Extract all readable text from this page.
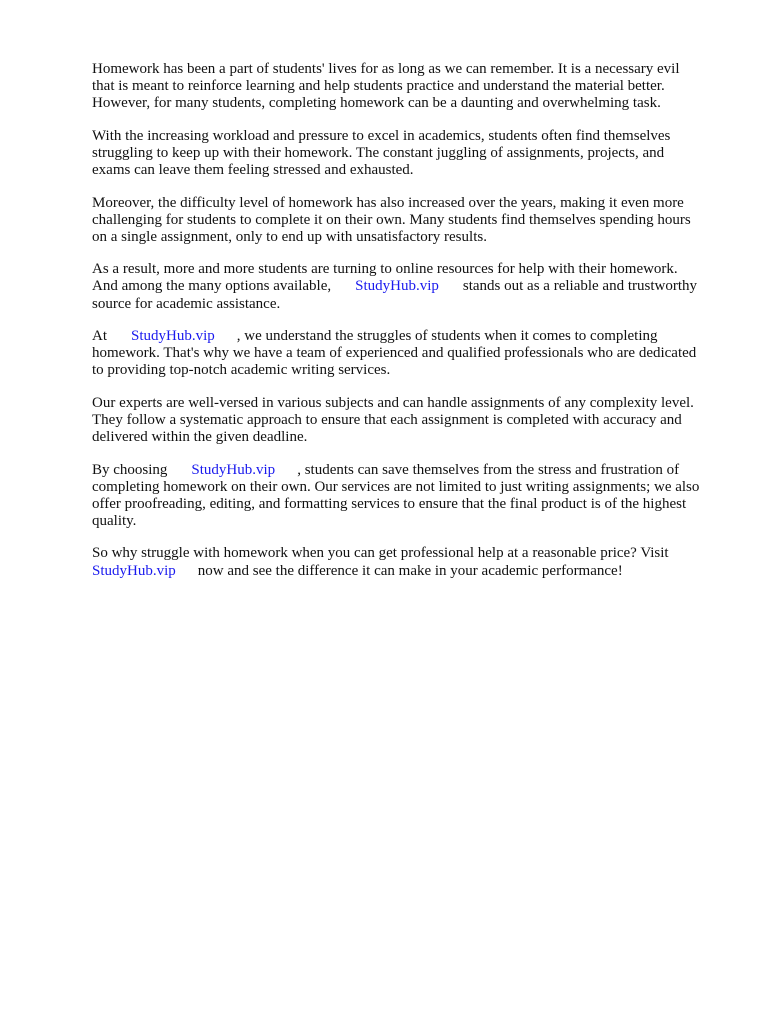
Homework has been a part of students' lives for as long as we can remember. It is a necessary evil
that is meant to reinforce learning and help students practice and understand the material better.
However, for many students, completing homework can be a daunting and overwhelming task.
With the increasing workload and pressure to excel in academics, students often find themselves
struggling to keep up with their homework. The constant juggling of assignments, projects, and
exams can leave them feeling stressed and exhausted.
Moreover, the difficulty level of homework has also increased over the years, making it even more
challenging for students to complete it on their own. Many students find themselves spending hours
on a single assignment, only to end up with unsatisfactory results.
As a result, more and more students are turning to online resources for help with their homework.
And among the many options available, StudyHub.vip stands out as a reliable and trustworthy
source for academic assistance.
At StudyHub.vip , we understand the struggles of students when it comes to completing
homework. That's why we have a team of experienced and qualified professionals who are dedicated
to providing top-notch academic writing services.
Our experts are well-versed in various subjects and can handle assignments of any complexity level.
They follow a systematic approach to ensure that each assignment is completed with accuracy and
delivered within the given deadline.
By choosing StudyHub.vip , students can save themselves from the stress and frustration of
completing homework on their own. Our services are not limited to just writing assignments; we also
offer proofreading, editing, and formatting services to ensure that the final product is of the highest
quality.
So why struggle with homework when you can get professional help at a reasonable price? Visit
StudyHub.vip now and see the difference it can make in your academic performance!
